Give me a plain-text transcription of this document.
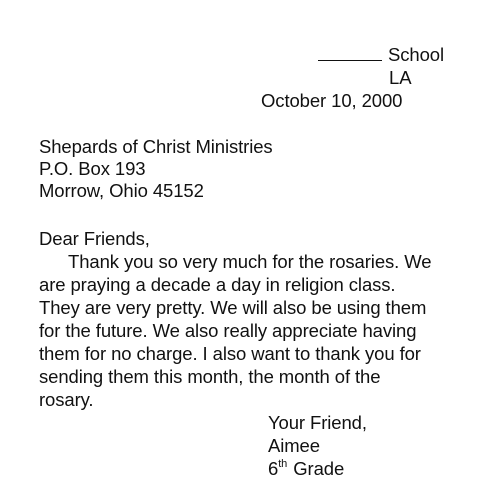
School
LA
October 10, 2000
Shepards of Christ Ministries
P.O. Box 193
Morrow, Ohio 45152
Dear Friends,
Thank you so very much for the rosaries. We
are praying a decade a day in religion class.
They are very pretty. We will also be using them
for the future. We also really appreciate having
them for no charge. I also want to thank you for
sending them this month, the month of the
rosary.
Your Friend,
Aimee
6th Grade
